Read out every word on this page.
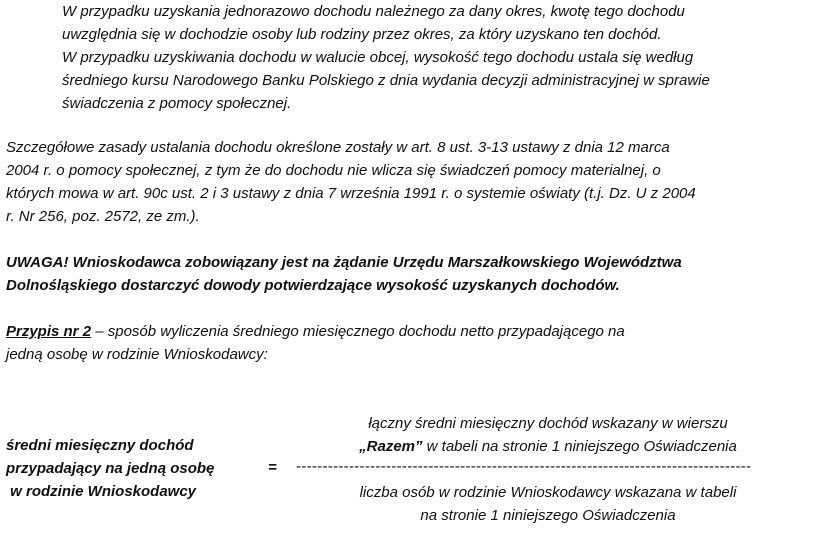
W przypadku uzyskania jednorazowo dochodu należnego za dany okres, kwotę tego dochodu
uwzględnia się w dochodzie osoby lub rodziny przez okres, za który uzyskano ten dochód.
W przypadku uzyskiwania dochodu w walucie obcej, wysokość tego dochodu ustala się według
średniego kursu Narodowego Banku Polskiego z dnia wydania decyzji administracyjnej w sprawie
świadczenia z pomocy społecznej.
Szczegółowe zasady ustalania dochodu określone zostały w art. 8 ust. 3-13 ustawy z dnia 12 marca
2004 r. o pomocy społecznej, z tym że do dochodu nie wlicza się świadczeń pomocy materialnej, o
których mowa w art. 90c ust. 2 i 3 ustawy z dnia 7 września 1991 r. o systemie oświaty (t.j. Dz. U z 2004
r. Nr 256, poz. 2572, ze zm.).
UWAGA! Wnioskodawca zobowiązany jest na żądanie Urzędu Marszałkowskiego Województwa
Dolnośląskiego dostarczyć dowody potwierdzające wysokość uzyskanych dochodów.
Przypis nr 2 – sposób wyliczenia średniego miesięcznego dochodu netto przypadającego na
jedną osobę w rodzinie Wnioskodawcy:
średni miesięczny dochód
przypadający na jedną osobę
w rodzinie Wnioskodawcy
=
łączny średni miesięczny dochód wskazany w wierszu
„Razem” w tabeli na stronie 1 niniejszego Oświadczenia
--------------------------------------------------------------------------------------
liczba osób w rodzinie Wnioskodawcy wskazana w tabeli
na stronie 1 niniejszego Oświadczenia
